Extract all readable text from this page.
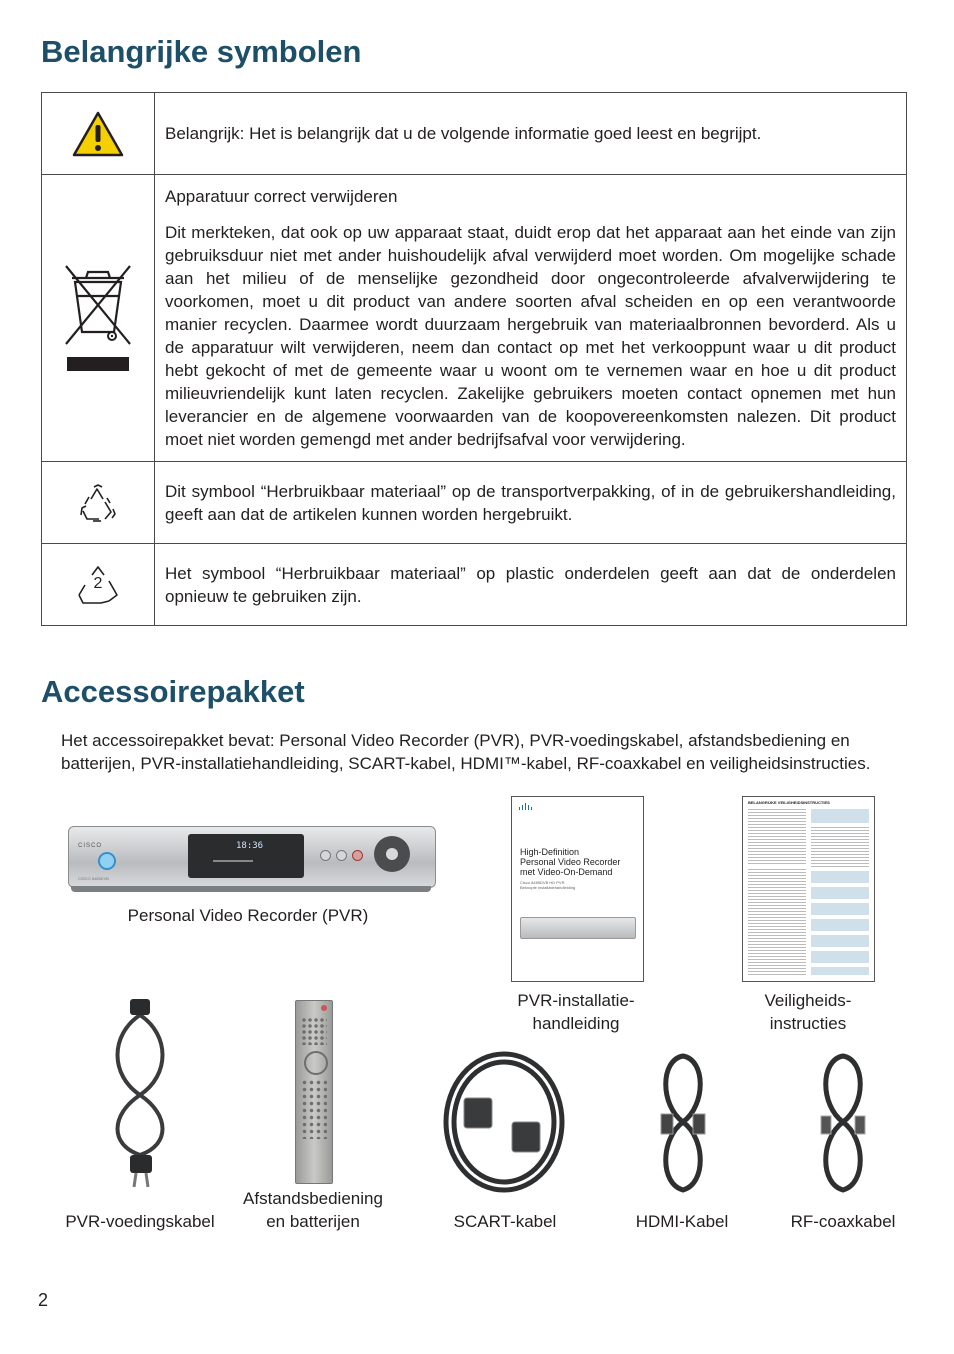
Belangrijke symbolen

Belangrijk: Het is belangrijk dat u de volgende informatie goed leest en begrijpt.

Apparatuur correct verwijderen

Dit merkteken, dat ook op uw apparaat staat, duidt erop dat het apparaat aan het einde van zijn gebruiksduur niet met ander huishoudelijk afval verwijderd moet worden. Om mogelijke schade aan het milieu of de menselijke gezondheid door ongecontroleerde afvalverwijdering te voorkomen, moet u dit product van andere soorten afval scheiden en op een verantwoorde manier recyclen. Daarmee wordt duurzaam hergebruik van materiaalbronnen bevorderd. Als u de apparatuur wilt verwijderen, neem dan contact op met het verkooppunt waar u dit product hebt gekocht of met de gemeente waar u woont om te vernemen waar en hoe u dit product milieuvriendelijk kunt laten recyclen. Zakelijke gebruikers moeten contact opnemen met hun leverancier en de algemene voorwaarden van de koopovereenkomsten nalezen. Dit product moet niet worden gemengd met ander bedrijfsafval voor verwijdering.

Dit symbool “Herbruikbaar materiaal” op de transportverpakking, of in de gebruikershandleiding, geeft aan dat de artikelen kunnen worden hergebruikt.

2	Het symbool “Herbruikbaar materiaal” op plastic onderdelen geeft aan dat de onderdelen opnieuw te gebruiken zijn.

Accessoirepakket

Het accessoirepakket bevat: Personal Video Recorder (PVR), PVR-voedingskabel, afstandsbediening en batterijen, PVR-installatiehandleiding, SCART-kabel, HDMI™-kabel, RF-coaxkabel en veiligheidsinstructies.

CISCO
CISCO 8485DVB
18:36
Personal Video Recorder (PVR)
High-Definition
Personal Video Recorder
met Video-On-Demand
Cisco 8485DVB HD PVR
Beknopte installatiehandleiding
PVR-installatie-
handleiding
BELANGRIJKE VEILIGHEIDSINSTRUCTIES
Veiligheids-
instructies
PVR-voedingskabel
Afstandsbediening
en batterijen	SCART-kabel	HDMI-Kabel	RF-coaxkabel
2
